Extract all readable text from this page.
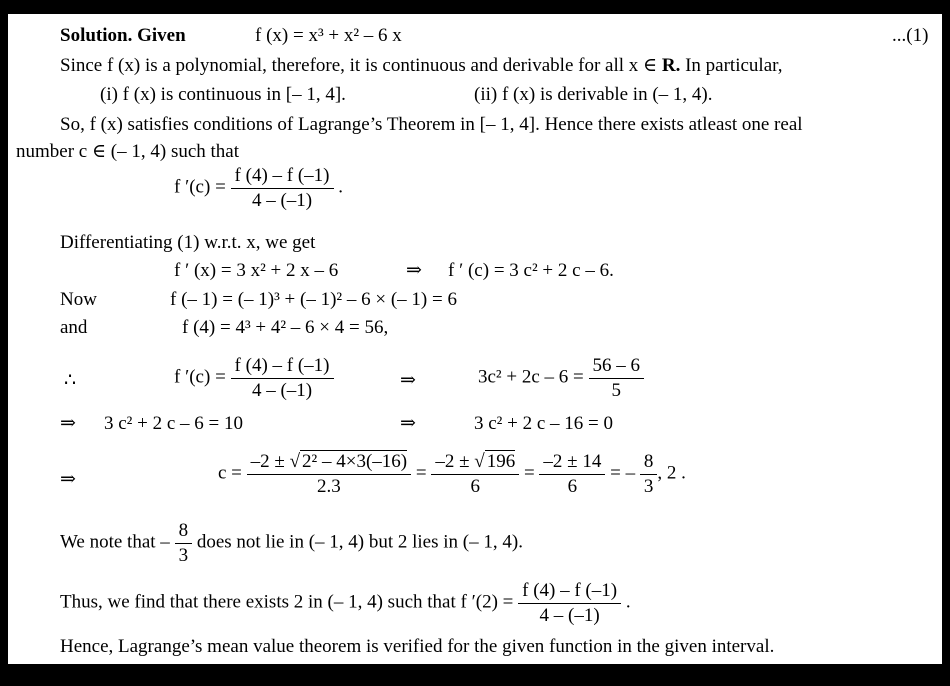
Solution. Given	f (x) = x³ + x² – 6 x	...(1)
Since f (x) is a polynomial, therefore, it is continuous and derivable for all x ∈ R. In particular,
(i) f (x) is continuous in [– 1, 4].	(ii) f (x) is derivable in (– 1, 4).
So, f (x) satisfies conditions of Lagrange’s Theorem in [– 1, 4]. Hence there exists atleast one real
number c ∈ (– 1, 4) such that
f $'(c) = \frac{f (4) - f (-1)}{4 - (-1)}$ .
Differentiating (1) w.r.t. x, we get
f ′ (x) = 3 x² + 2 x – 6	⇒ f ′ (c) = 3 c² + 2 c – 6.
Now	f (– 1) = (– 1)³ + (– 1)² – 6 × (– 1) = 6
and	f (4) = 4³ + 4² – 6 × 4 = 56,
∴	f $'(c) = \frac{f (4) - f (-1)}{4 - (-1)}$	⇒	$3c^2 + 2c - 6 = \frac{56 - 6}{5}$
⇒ 3 c² + 2 c – 6 = 10	⇒	3 c² + 2 c – 16 = 0
⇒	$c = \frac{\text{–2 ± √ 2² – 4×3(–16)}}{2.3} = \frac{-2 \pm √ 196}{6} = \frac{-2 \pm 14}{6}$ = – $\frac{8}{3}$ , 2 .
We note that – $\frac{8}{3}$ does not lie in (– 1, 4) but 2 lies in (– 1, 4).
Thus, we find that there exists 2 in (– 1, 4) such that f $'(2) = \frac{f (4) - f (-1)}{4 - (-1)}$ .
Hence, Lagrange’s mean value theorem is verified for the given function in the given interval.
